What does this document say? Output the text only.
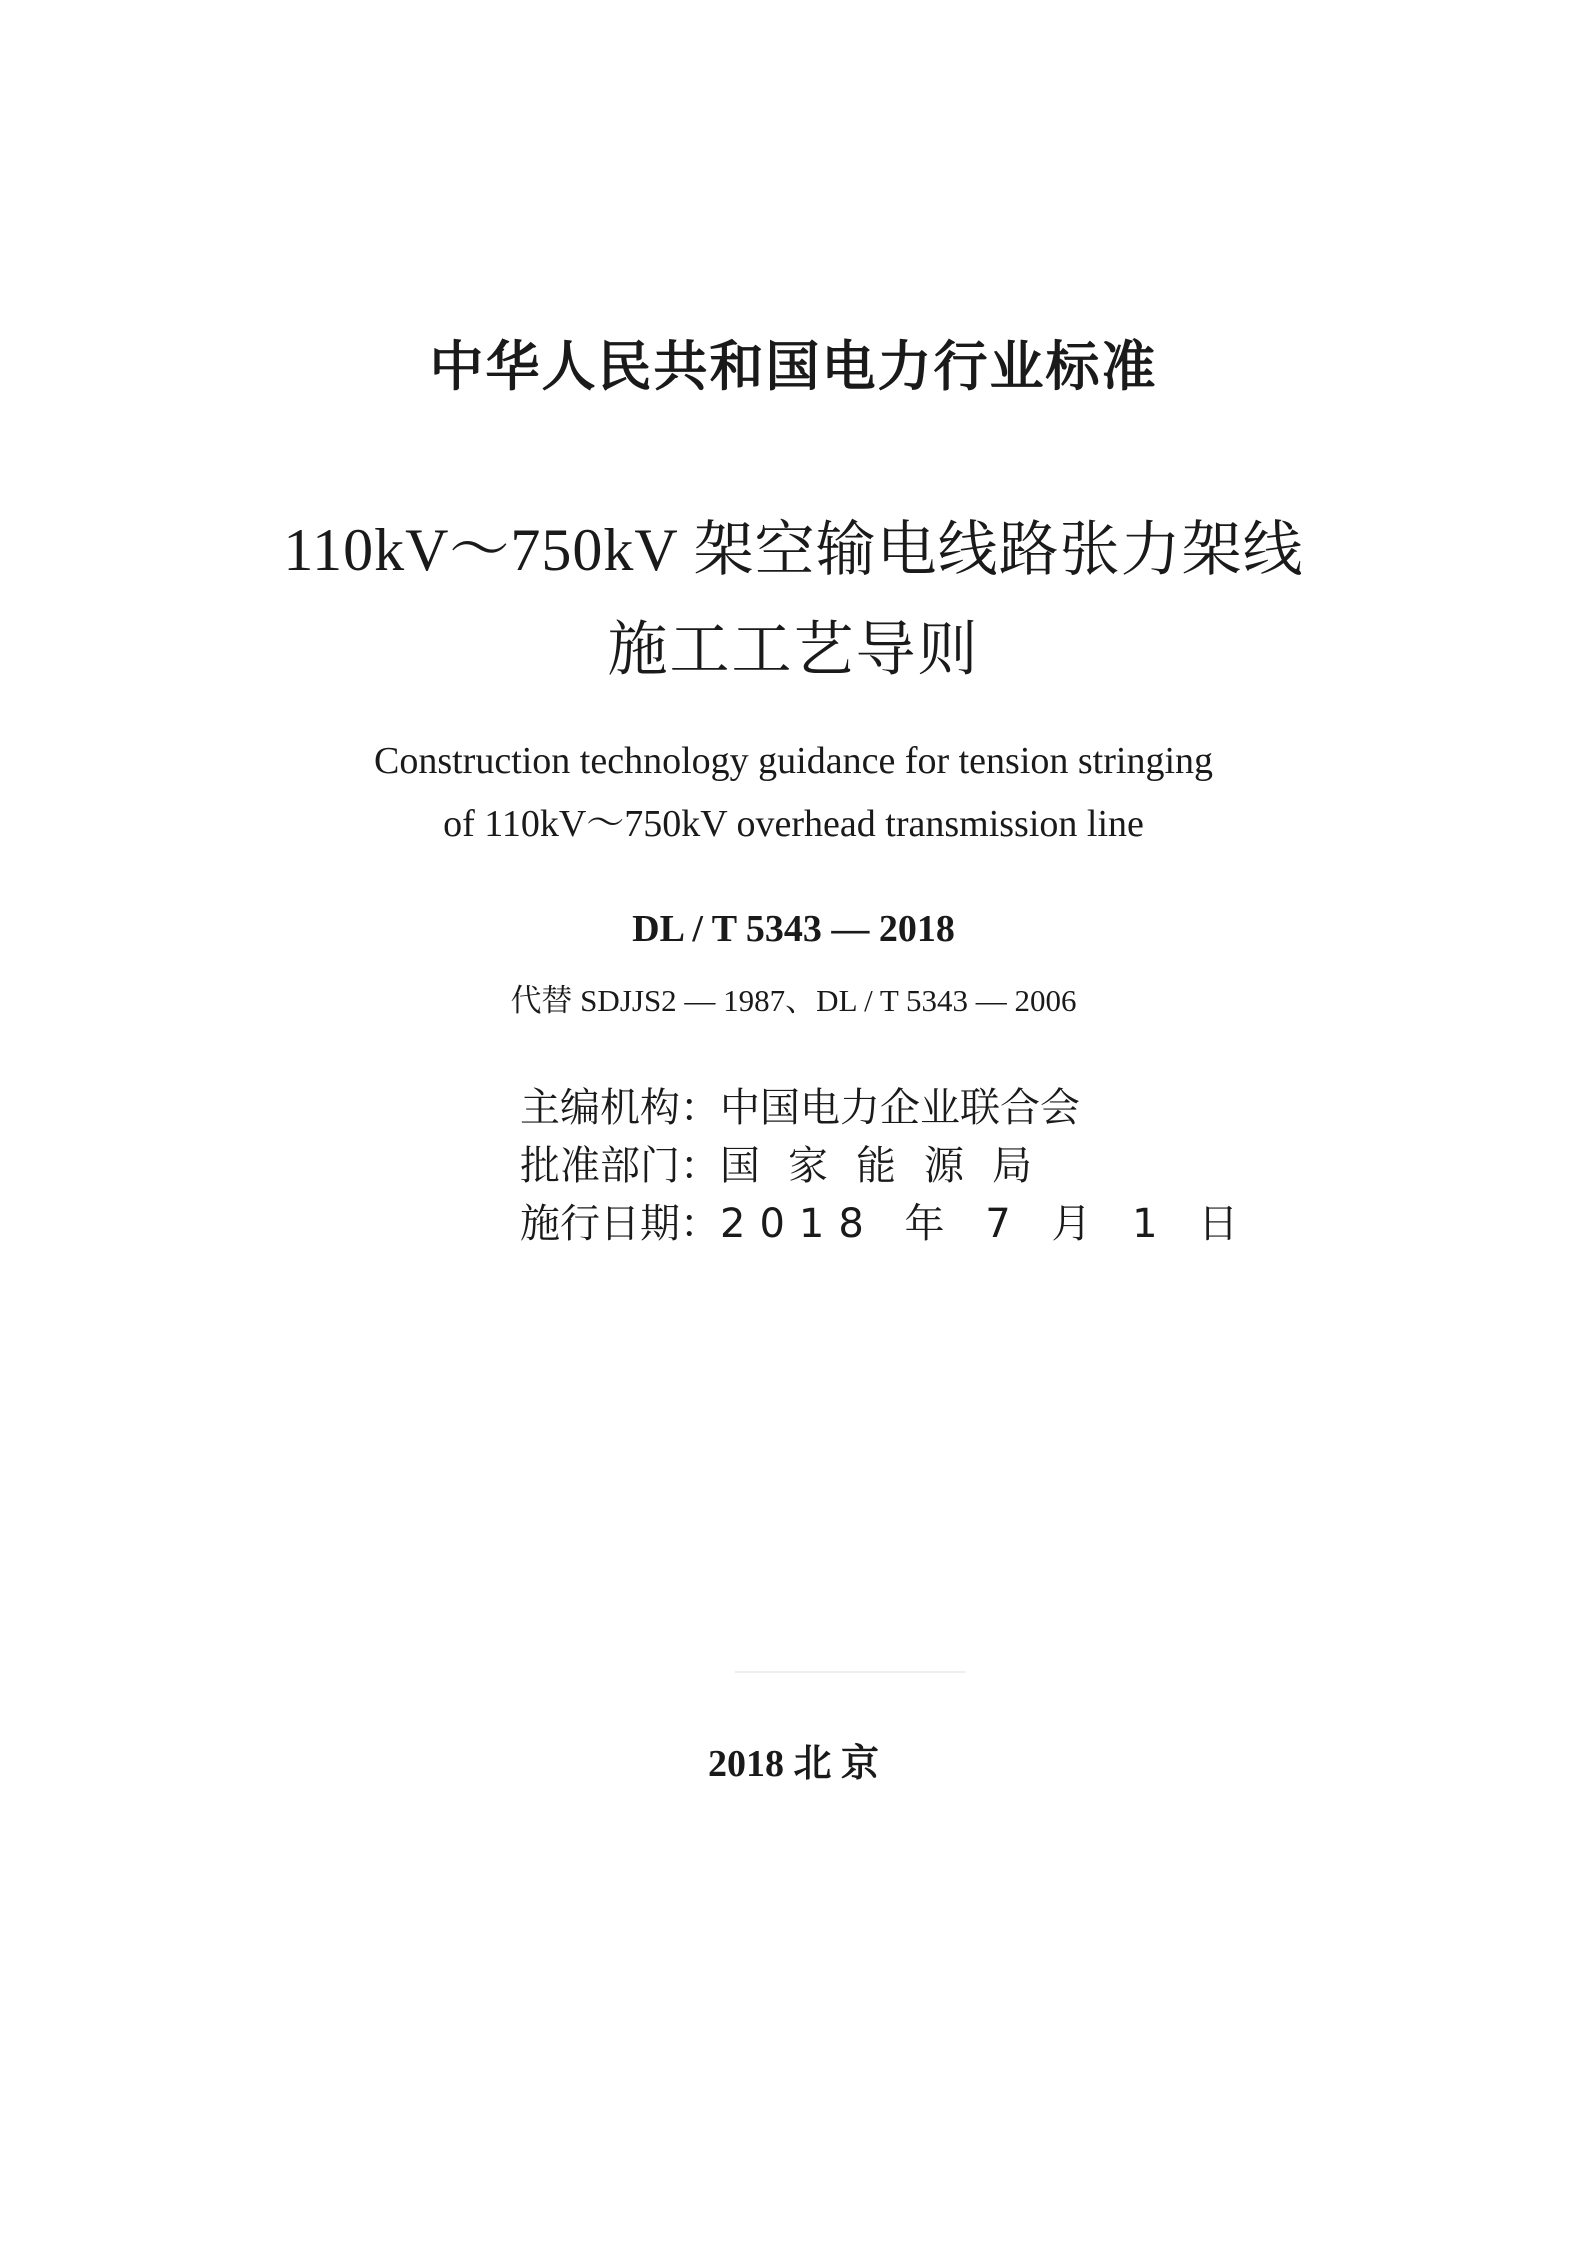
中华人民共和国电力行业标准
110kV～750kV 架空输电线路张力架线
施工工艺导则
Construction technology guidance for tension stringing
of 110kV～750kV overhead transmission line
DL / T 5343 — 2018
代替 SDJJS2 — 1987、DL / T 5343 — 2006
主编机构： 中国电力企业联合会
批准部门： 国家能源局
施行日期： 2018 年 7 月 1 日
2018 北 京
